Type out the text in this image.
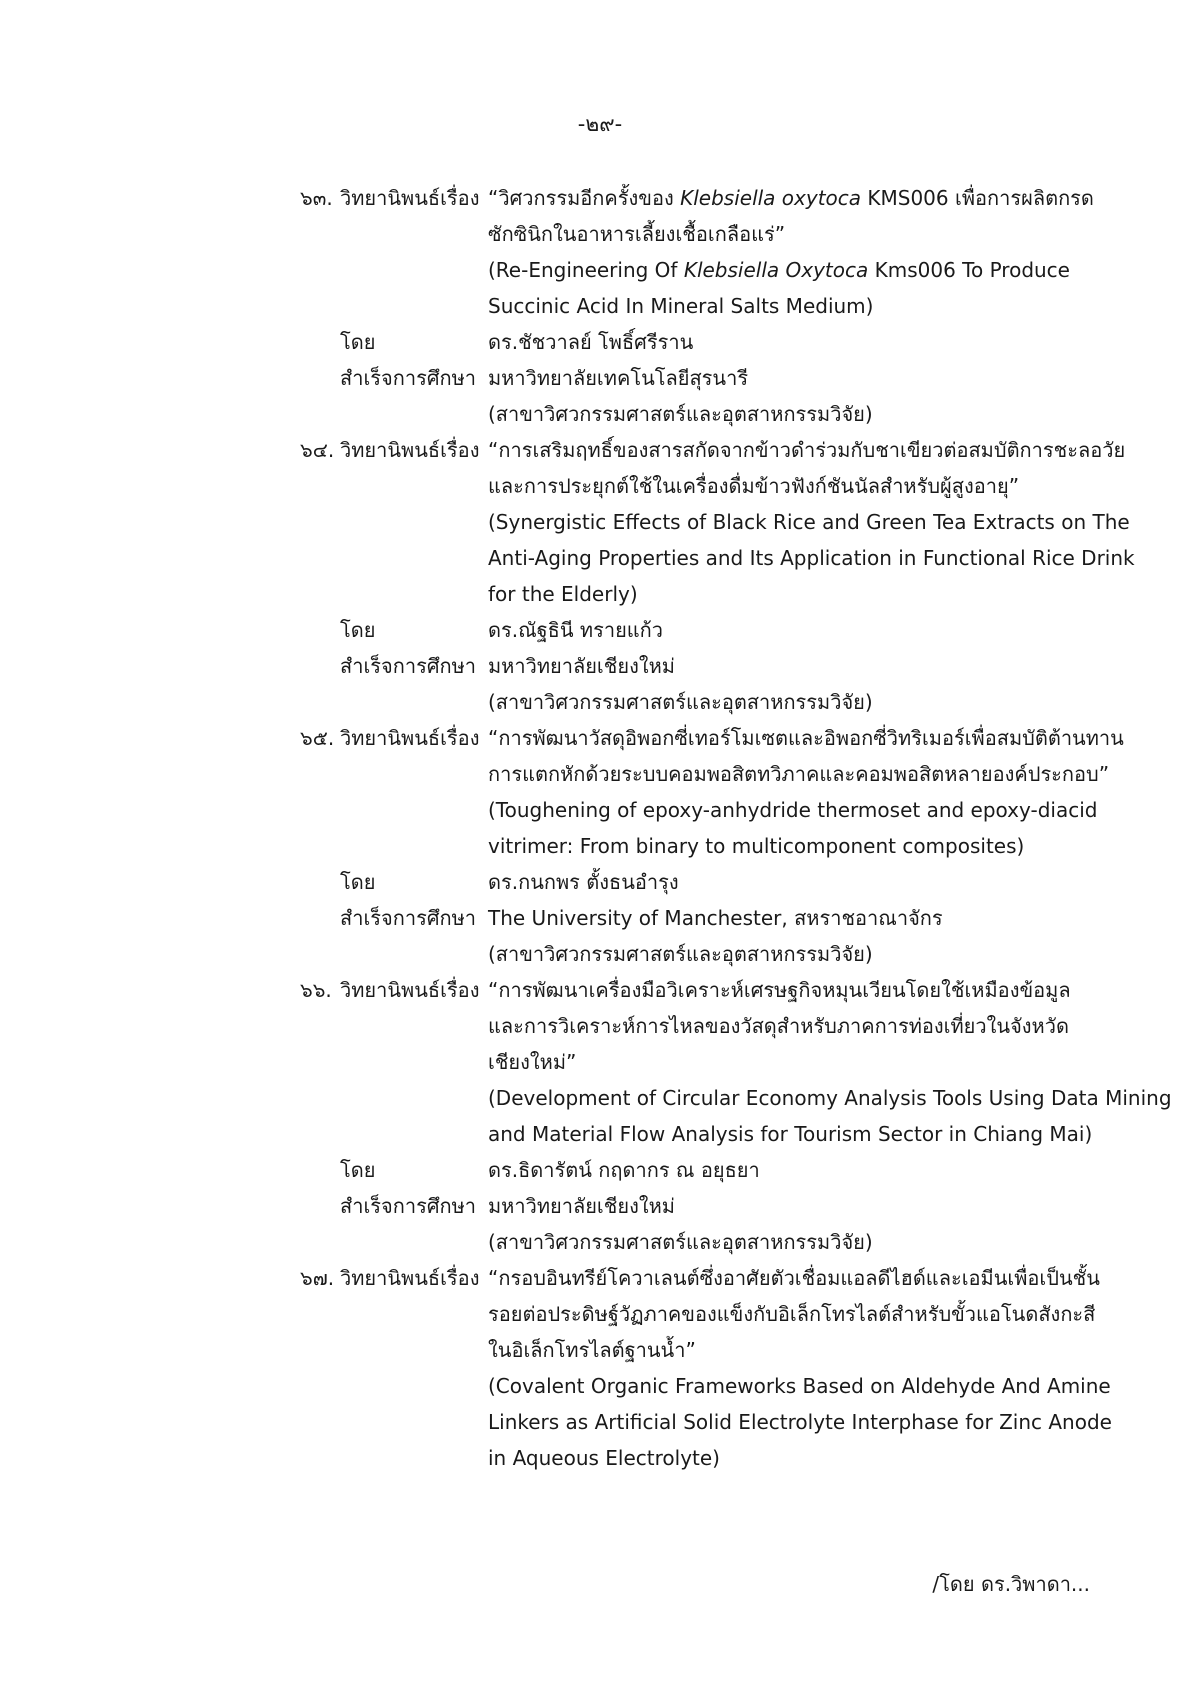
-๒๙-
๖๓. วิทยานิพนธ์เรื่อง “วิศวกรรมอีกครั้งของ Klebsiella oxytoca KMS006 เพื่อการผลิตกรด
ซักซินิกในอาหารเลี้ยงเชื้อเกลือแร่”
(Re-Engineering Of Klebsiella Oxytoca Kms006 To Produce
Succinic Acid In Mineral Salts Medium)
โดย	ดร.ชัชวาลย์ โพธิ์ศรีราน
สำเร็จการศึกษา มหาวิทยาลัยเทคโนโลยีสุรนารี
(สาขาวิศวกรรมศาสตร์และอุตสาหกรรมวิจัย)
๖๔. วิทยานิพนธ์เรื่อง “การเสริมฤทธิ์ของสารสกัดจากข้าวดำร่วมกับชาเขียวต่อสมบัติการชะลอวัย
และการประยุกต์ใช้ในเครื่องดื่มข้าวฟังก์ชันนัลสำหรับผู้สูงอายุ”
(Synergistic Effects of Black Rice and Green Tea Extracts on The
Anti-Aging Properties and Its Application in Functional Rice Drink
for the Elderly)
โดย	ดร.ณัฐธินี ทรายแก้ว
สำเร็จการศึกษา มหาวิทยาลัยเชียงใหม่
(สาขาวิศวกรรมศาสตร์และอุตสาหกรรมวิจัย)
๖๕. วิทยานิพนธ์เรื่อง “การพัฒนาวัสดุอิพอกซี่เทอร์โมเซตและอิพอกซี่วิทริเมอร์เพื่อสมบัติต้านทาน
การแตกหักด้วยระบบคอมพอสิตทวิภาคและคอมพอสิตหลายองค์ประกอบ”
(Toughening of epoxy-anhydride thermoset and epoxy-diacid
vitrimer: From binary to multicomponent composites)
โดย	ดร.กนกพร ตั้งธนอำรุง
สำเร็จการศึกษา The University of Manchester, สหราชอาณาจักร
(สาขาวิศวกรรมศาสตร์และอุตสาหกรรมวิจัย)
๖๖. วิทยานิพนธ์เรื่อง “การพัฒนาเครื่องมือวิเคราะห์เศรษฐกิจหมุนเวียนโดยใช้เหมืองข้อมูล
และการวิเคราะห์การไหลของวัสดุสำหรับภาคการท่องเที่ยวในจังหวัด
เชียงใหม่”
(Development of Circular Economy Analysis Tools Using Data Mining
and Material Flow Analysis for Tourism Sector in Chiang Mai)
โดย	ดร.ธิดารัตน์ กฤดากร ณ อยุธยา
สำเร็จการศึกษา มหาวิทยาลัยเชียงใหม่
(สาขาวิศวกรรมศาสตร์และอุตสาหกรรมวิจัย)
๖๗. วิทยานิพนธ์เรื่อง “กรอบอินทรีย์โควาเลนต์ซึ่งอาศัยตัวเชื่อมแอลดีไฮด์และเอมีนเพื่อเป็นชั้น
รอยต่อประดิษฐ์วัฏภาคของแข็งกับอิเล็กโทรไลต์สำหรับขั้วแอโนดสังกะสี
ในอิเล็กโทรไลต์ฐานน้ำ”
(Covalent Organic Frameworks Based on Aldehyde And Amine
Linkers as Artificial Solid Electrolyte Interphase for Zinc Anode
in Aqueous Electrolyte)
/โดย ดร.วิพาดา...
